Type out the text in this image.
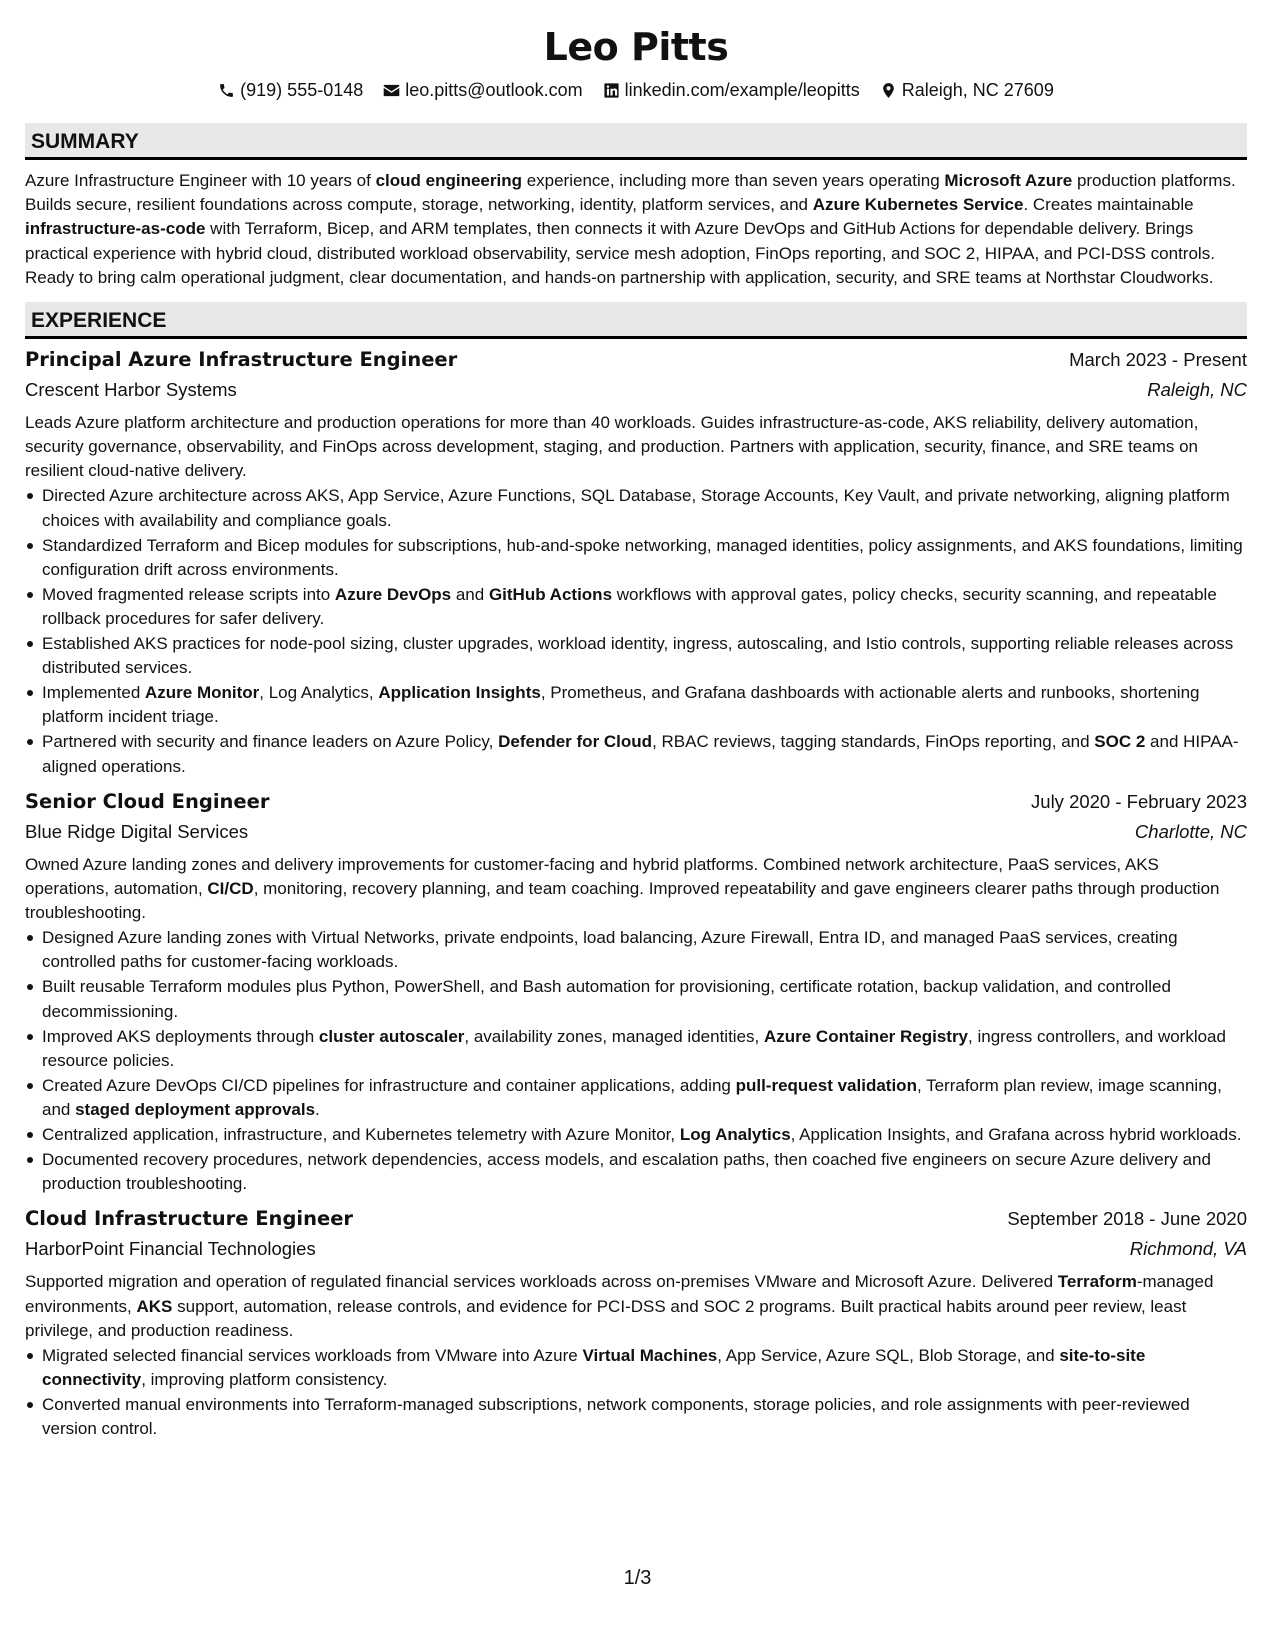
Leo Pitts
(919) 555-0148 leo.pitts@outlook.com linkedin.com/example/leopitts Raleigh, NC 27609
SUMMARY

Azure Infrastructure Engineer with 10 years of cloud engineering experience, including more than seven years operating Microsoft Azure production platforms. Builds secure, resilient foundations across compute, storage, networking, identity, platform services, and Azure Kubernetes Service. Creates maintainable infrastructure-as-code with Terraform, Bicep, and ARM templates, then connects it with Azure DevOps and GitHub Actions for dependable delivery. Brings practical experience with hybrid cloud, distributed workload observability, service mesh adoption, FinOps reporting, and SOC 2, HIPAA, and PCI-DSS controls. Ready to bring calm operational judgment, clear documentation, and hands-on partnership with application, security, and SRE teams at Northstar Cloudworks.

EXPERIENCE
Principal Azure Infrastructure Engineer	March 2023 - Present
Crescent Harbor Systems	Raleigh, NC
Leads Azure platform architecture and production operations for more than 40 workloads. Guides infrastructure-as-code, AKS reliability, delivery automation, security governance, observability, and FinOps across development, staging, and production. Partners with application, security, finance, and SRE teams on resilient cloud-native delivery.
Directed Azure architecture across AKS, App Service, Azure Functions, SQL Database, Storage Accounts, Key Vault, and private networking, aligning platform choices with availability and compliance goals.
Standardized Terraform and Bicep modules for subscriptions, hub-and-spoke networking, managed identities, policy assignments, and AKS foundations, limiting configuration drift across environments.
Moved fragmented release scripts into Azure DevOps and GitHub Actions workflows with approval gates, policy checks, security scanning, and repeatable rollback procedures for safer delivery.
Established AKS practices for node-pool sizing, cluster upgrades, workload identity, ingress, autoscaling, and Istio controls, supporting reliable releases across distributed services.
Implemented Azure Monitor, Log Analytics, Application Insights, Prometheus, and Grafana dashboards with actionable alerts and runbooks, shortening platform incident triage.
Partnered with security and finance leaders on Azure Policy, Defender for Cloud, RBAC reviews, tagging standards, FinOps reporting, and SOC 2 and HIPAA-aligned operations.
Senior Cloud Engineer	July 2020 - February 2023
Blue Ridge Digital Services	Charlotte, NC
Owned Azure landing zones and delivery improvements for customer-facing and hybrid platforms. Combined network architecture, PaaS services, AKS operations, automation, CI/CD, monitoring, recovery planning, and team coaching. Improved repeatability and gave engineers clearer paths through production troubleshooting.
Designed Azure landing zones with Virtual Networks, private endpoints, load balancing, Azure Firewall, Entra ID, and managed PaaS services, creating controlled paths for customer-facing workloads.
Built reusable Terraform modules plus Python, PowerShell, and Bash automation for provisioning, certificate rotation, backup validation, and controlled decommissioning.
Improved AKS deployments through cluster autoscaler, availability zones, managed identities, Azure Container Registry, ingress controllers, and workload resource policies.
Created Azure DevOps CI/CD pipelines for infrastructure and container applications, adding pull-request validation, Terraform plan review, image scanning, and staged deployment approvals.
Centralized application, infrastructure, and Kubernetes telemetry with Azure Monitor, Log Analytics, Application Insights, and Grafana across hybrid workloads.
Documented recovery procedures, network dependencies, access models, and escalation paths, then coached five engineers on secure Azure delivery and production troubleshooting.
Cloud Infrastructure Engineer	September 2018 - June 2020
HarborPoint Financial Technologies	Richmond, VA
Supported migration and operation of regulated financial services workloads across on-premises VMware and Microsoft Azure. Delivered Terraform-managed environments, AKS support, automation, release controls, and evidence for PCI-DSS and SOC 2 programs. Built practical habits around peer review, least privilege, and production readiness.
Migrated selected financial services workloads from VMware into Azure Virtual Machines, App Service, Azure SQL, Blob Storage, and site-to-site connectivity, improving platform consistency.
Converted manual environments into Terraform-managed subscriptions, network components, storage policies, and role assignments with peer-reviewed version control.
1/3
